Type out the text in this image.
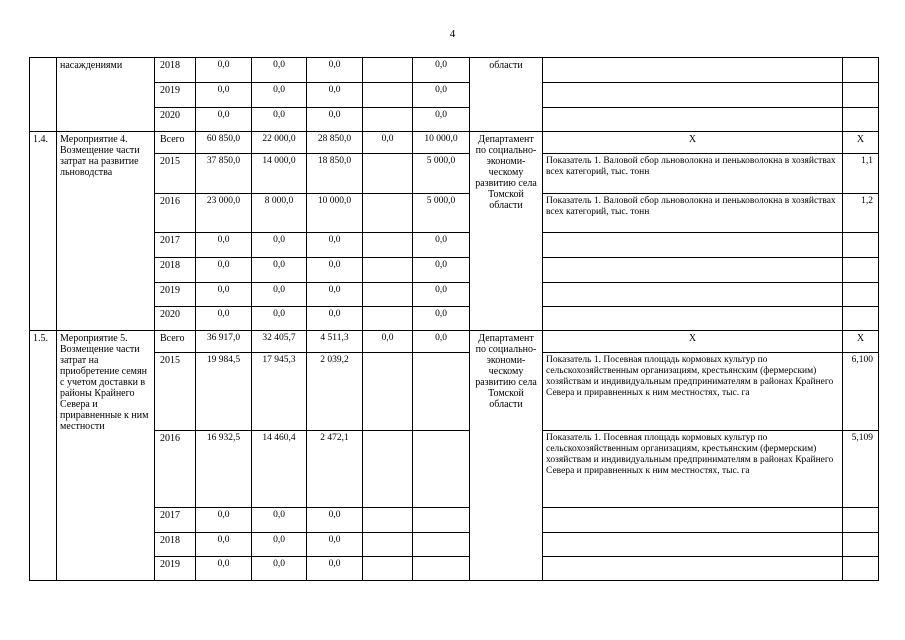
4
	насаждениями	2018	0,0	0,0	0,0		0,0	области		
		2019	0,0	0,0	0,0		0,0			
		2020	0,0	0,0	0,0		0,0			
1.4.	Мероприятие 4. Возмещение части затрат на развитие льноводства	Всего	60 850,0	22 000,0	28 850,0	0,0	10 000,0	Департамент по социально-экономи-ческому развитию села Томской области	X	X
		2015	37 850,0	14 000,0	18 850,0		5 000,0		Показатель 1. Валовой сбор льноволокна и пеньковолокна в хозяйствах всех категорий, тыс. тонн	1,1
		2016	23 000,0	8 000,0	10 000,0		5 000,0		Показатель 1. Валовой сбор льноволокна и пеньковолокна в хозяйствах всех категорий, тыс. тонн	1,2
		2017	0,0	0,0	0,0		0,0			
		2018	0,0	0,0	0,0		0,0			
		2019	0,0	0,0	0,0		0,0			
		2020	0,0	0,0	0,0		0,0			
1.5.	Мероприятие 5. Возмещение части затрат на приобретение семян с учетом доставки в районы Крайнего Севера и приравненные к ним местности	Всего	36 917,0	32 405,7	4 511,3	0,0	0,0	Департамент по социально-экономи-ческому развитию села Томской области	X	X
		2015	19 984,5	17 945,3	2 039,2				Показатель 1. Посевная площадь кормовых культур по сельскохозяйственным организациям, крестьянским (фермерским) хозяйствам и индивидуальным предпринимателям в районах Крайнего Севера и приравненных к ним местностях, тыс. га	6,100
		2016	16 932,5	14 460,4	2 472,1				Показатель 1. Посевная площадь кормовых культур по сельскохозяйственным организациям, крестьянским (фермерским) хозяйствам и индивидуальным предпринимателям в районах Крайнего Севера и приравненных к ним местностях, тыс. га	5,109
		2017	0,0	0,0	0,0					
		2018	0,0	0,0	0,0					
		2019	0,0	0,0	0,0					
